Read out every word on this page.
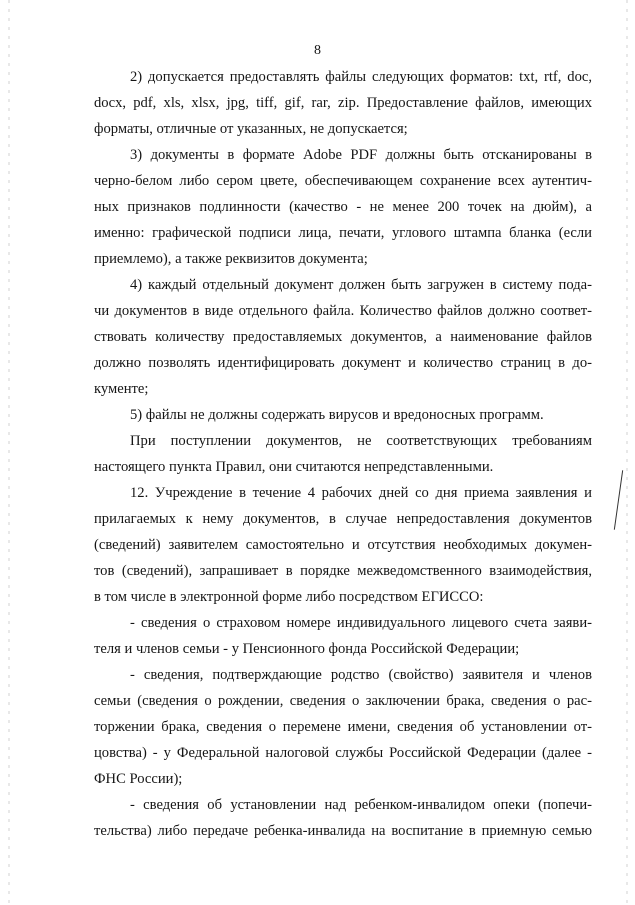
8
2) допускается предоставлять файлы следующих форматов: txt, rtf, doc,
docx, pdf, xls, xlsx, jpg, tiff, gif, rar, zip. Предоставление файлов, имеющих
форматы, отличные от указанных, не допускается;
3) документы в формате Adobe PDF должны быть отсканированы в
черно-белом либо сером цвете, обеспечивающем сохранение всех аутентич-
ных признаков подлинности (качество - не менее 200 точек на дюйм), а
именно: графической подписи лица, печати, углового штампа бланка (если
приемлемо), а также реквизитов документа;
4) каждый отдельный документ должен быть загружен в систему пода-
чи документов в виде отдельного файла. Количество файлов должно соответ-
ствовать количеству предоставляемых документов, а наименование файлов
должно позволять идентифицировать документ и количество страниц в до-
кументе;
5) файлы не должны содержать вирусов и вредоносных программ.
При поступлении документов, не соответствующих требованиям
настоящего пункта Правил, они считаются непредставленными.
12. Учреждение в течение 4 рабочих дней со дня приема заявления и
прилагаемых к нему документов, в случае непредоставления документов
(сведений) заявителем самостоятельно и отсутствия необходимых докумен-
тов (сведений), запрашивает в порядке межведомственного взаимодействия,
в том числе в электронной форме либо посредством ЕГИССО:
- сведения о страховом номере индивидуального лицевого счета заяви-
теля и членов семьи - у Пенсионного фонда Российской Федерации;
- сведения, подтверждающие родство (свойство) заявителя и членов
семьи (сведения о рождении, сведения о заключении брака, сведения о рас-
торжении брака, сведения о перемене имени, сведения об установлении от-
цовства) - у Федеральной налоговой службы Российской Федерации (далее -
ФНС России);
- сведения об установлении над ребенком-инвалидом опеки (попечи-
тельства) либо передаче ребенка-инвалида на воспитание в приемную семью
